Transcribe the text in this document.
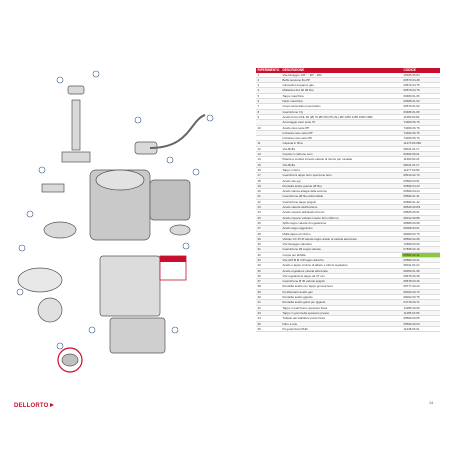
DELLORTO
RIFERIMENTO	DESCRIZIONE	CODICE
1	Vite fissaggio 135 ° - 90° - 360	18025.05.84
2	Boffe tensione filo PP	09570.04.28
3	Cannettino boyance gas	09570.04.75
4	Mollettina fiss 66 (Ø filo)	09570.04.76
5	Tappo macchina	09480.61.06
6	Dado macchina	09486.01.62
7	Corpo accentrato pneumatico	09570.61.62
8	Guarnizione 7/g	09486.01.80
9	Anello fermo PHL 60 (Ø) 70 Ø0 (50) 55 (AL) Ø0 1250 1250 1080 1080	11480.60.82
	Ancoraggio cavo serie 70	74300.06.76
10	Anello cavo serie PP	74300.06.76
	Inclusiva cavo serie RP	74300.06.76
	Inclusiva cavo serie 89	74300.06.76
11	Capsula in fibra	11470.60.066
12	Vite Boffa	08011.01.17
13	Cupola in carbone nero	06600.06.01
14	Piastra a modulo innesto valvole di ritorno per modelle	11490.60.23
15	Vite Boffa	08011.01.17
16	Tappo in ferro	11477.60.90
17	Guarnizioni tappo ferro spezzone ferro	08310.02.70
18	Anello vite sgr	09590.04.51
19	Rondella anello grande (Ø filo)	09590.04.23
20	Anello stanca adagia della sezione	09590.04.24
21	Guarnizione (Ø filo) attrezzabile	09590.01.41
22	Guarnizione tappo spigolo	09590.01.42
23	Anello valvola distribuzione	08525.00.8/4
24	Anello coperto dell'anello di ferro	08525.00.01
25	Anello coperto valvola innesto ferro (90mm)	08012.00.86
26	Spillo tappo valvola di regolazione	08685.00.08
27	Anello tappo aggiuntivo	08008.03.01
28	Molla tappo al minimo	08009.00.76
29	Valvole CC 25 Ø valvole tappo anello di valvola attrezzata	08590.02.08
30	Vite fissaggio valvolina	72808.00.06
31	Guarnizione 09 coppa valvola	07835.02.16
32	Coppa per farfalla	09581.02.11
33	Vite ASTM Ø 4 Ø tappo attrezzo	09580.00.21
34	Anello e tappo minimo di albero e tubi di regolatore	08011.02.10
35	Anello regolatore valvola attrezzata	08350.01.96
36	Vite regolazione tappo da 47 mm	08675.00.48
37	Guarnizione Ø 45 valvole spigolo	08678.00.46
38	Rondella anello con tappo gomma ferro	09777.00.23
39	Kit alberatori anello gas	08022.00.73
40	Rondella anello gigante	08022.00.75
41	Rondella anello ganci per gigante	04715.00.71
42	Tappo in pell fresco spessore fresa	14286.00.09
43	Tappo in gommetta spessore presso	11485.00.99
44	Tubetto dei stabilisce ponte fresa	08590.06.05
45	Filtro a rete	09590.06.03
46	Kit guarnizioni PHR	11448.00.31
14
